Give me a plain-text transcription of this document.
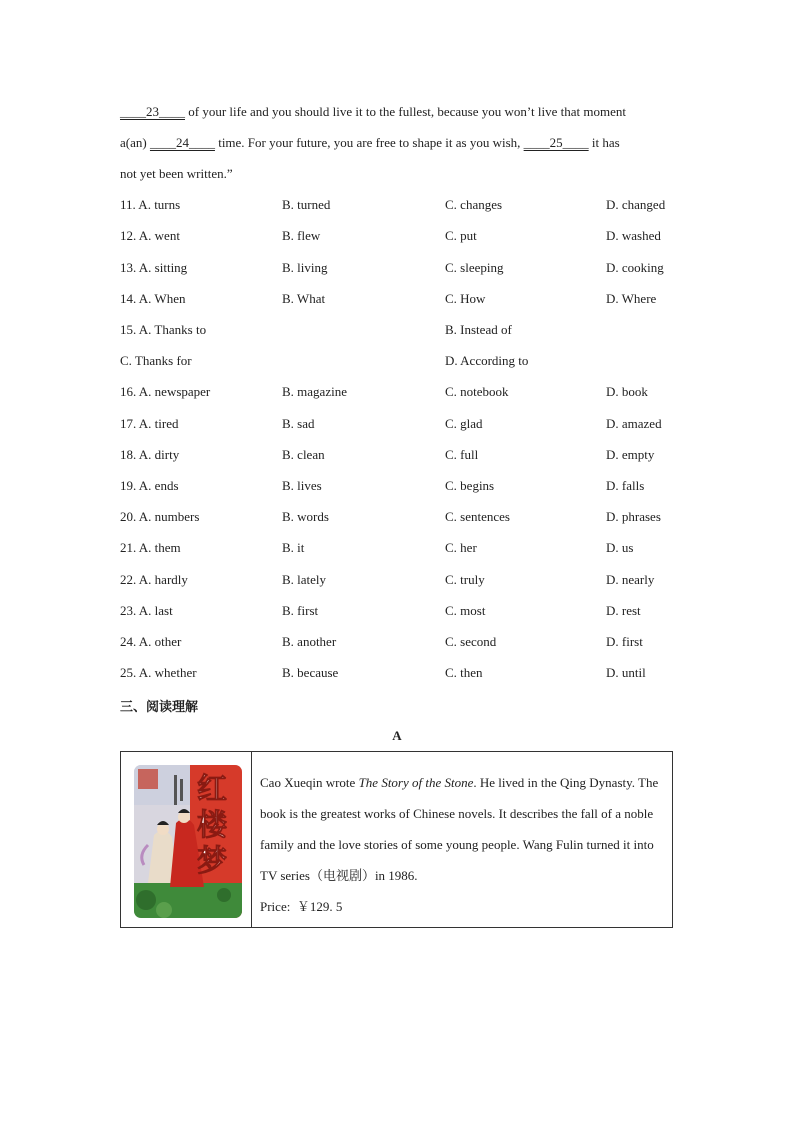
____23____ of your life and you should live it to the fullest, because you won’t live that moment
a(an) ____24____ time. For your future, you are free to shape it as you wish, ____25____ it has
not yet been written.”
11. A. turns	B. turned	C. changes	D. changed
12. A. went	B. flew	C. put	D. washed
13. A. sitting	B. living	C. sleeping	D. cooking
14. A. When	B. What	C. How	D. Where
15. A. Thanks to	B. Instead of
C. Thanks for	D. According to
16. A. newspaper	B. magazine	C. notebook	D. book
17. A. tired	B. sad	C. glad	D. amazed
18. A. dirty	B. clean	C. full	D. empty
19. A. ends	B. lives	C. begins	D. falls
20. A. numbers	B. words	C. sentences	D. phrases
21. A. them	B. it	C. her	D. us
22. A. hardly	B. lately	C. truly	D. nearly
23. A. last	B. first	C. most	D. rest
24. A. other	B. another	C. second	D. first
25. A. whether	B. because	C. then	D. until
三、阅读理解
A
红
楼
梦
Cao Xueqin wrote The Story of the Stone. He lived in the Qing Dynasty. The book is the greatest works of Chinese novels. It describes the fall of a noble family and the love stories of some young people. Wang Fulin turned it into TV series（电视剧）in 1986.
Price: ￥129. 5
